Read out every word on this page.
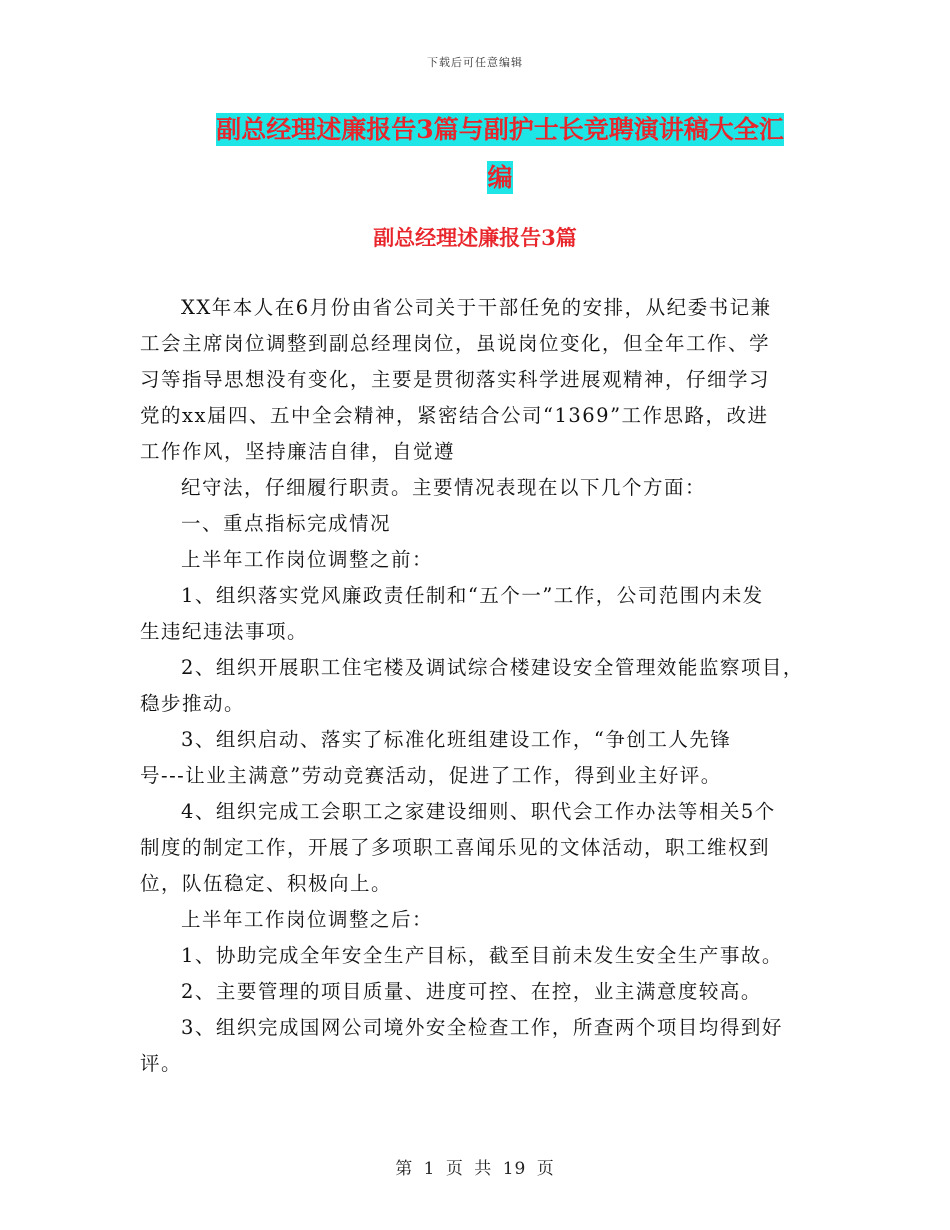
下载后可任意编辑
副总经理述廉报告3篇与副护士长竞聘演讲稿大全汇
编
副总经理述廉报告3篇

XX年本人在6月份由省公司关于干部任免的安排，从纪委书记兼
工会主席岗位调整到副总经理岗位，虽说岗位变化，但全年工作、学
习等指导思想没有变化，主要是贯彻落实科学进展观精神，仔细学习
党的xx届四、五中全会精神，紧密结合公司“1369”工作思路，改进
工作作风，坚持廉洁自律，自觉遵

纪守法，仔细履行职责。主要情况表现在以下几个方面：

一、重点指标完成情况

上半年工作岗位调整之前：

1、组织落实党风廉政责任制和“五个一”工作，公司范围内未发
生违纪违法事项。

2、组织开展职工住宅楼及调试综合楼建设安全管理效能监察项目，
稳步推动。

3、组织启动、落实了标准化班组建设工作，“争创工人先锋
号---让业主满意”劳动竞赛活动，促进了工作，得到业主好评。

4、组织完成工会职工之家建设细则、职代会工作办法等相关5个
制度的制定工作，开展了多项职工喜闻乐见的文体活动，职工维权到
位，队伍稳定、积极向上。

上半年工作岗位调整之后：

1、协助完成全年安全生产目标，截至目前未发生安全生产事故。

2、主要管理的项目质量、进度可控、在控，业主满意度较高。

3、组织完成国网公司境外安全检查工作，所查两个项目均得到好
评。

第 1 页 共 19 页
